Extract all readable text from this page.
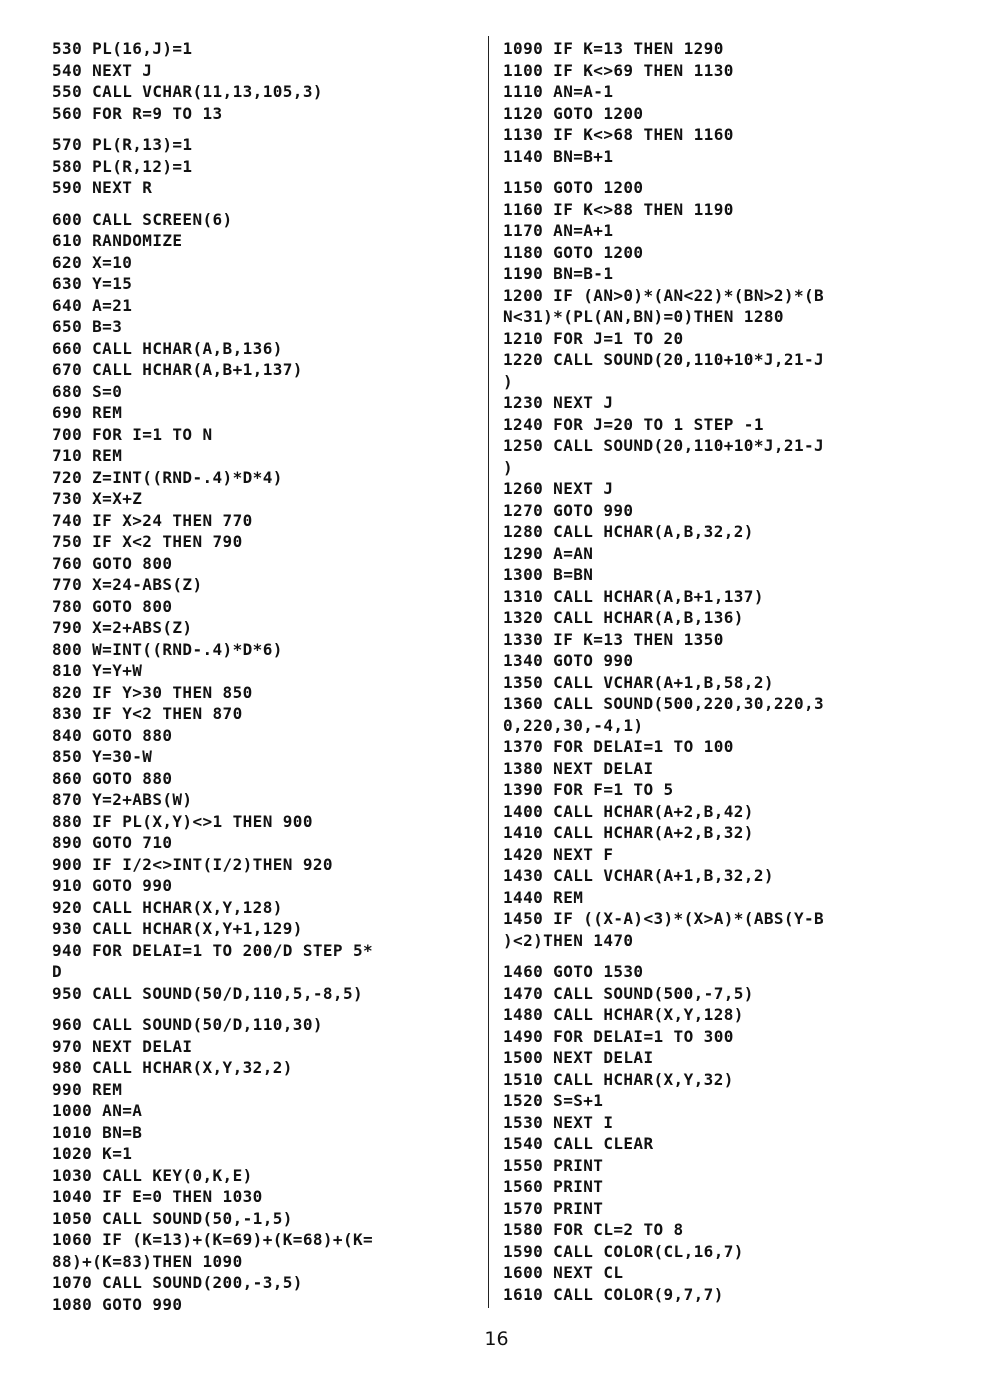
530 PL(16,J)=1
540 NEXT J
550 CALL VCHAR(11,13,105,3)
560 FOR R=9 TO 13
570 PL(R,13)=1
580 PL(R,12)=1
590 NEXT R
600 CALL SCREEN(6)
610 RANDOMIZE
620 X=10
630 Y=15
640 A=21
650 B=3
660 CALL HCHAR(A,B,136)
670 CALL HCHAR(A,B+1,137)
680 S=0
690 REM
700 FOR I=1 TO N
710 REM
720 Z=INT((RND-.4)*D*4)
730 X=X+Z
740 IF X>24 THEN 770
750 IF X<2 THEN 790
760 GOTO 800
770 X=24-ABS(Z)
780 GOTO 800
790 X=2+ABS(Z)
800 W=INT((RND-.4)*D*6)
810 Y=Y+W
820 IF Y>30 THEN 850
830 IF Y<2 THEN 870
840 GOTO 880
850 Y=30-W
860 GOTO 880
870 Y=2+ABS(W)
880 IF PL(X,Y)<>1 THEN 900
890 GOTO 710
900 IF I/2<>INT(I/2)THEN 920
910 GOTO 990
920 CALL HCHAR(X,Y,128)
930 CALL HCHAR(X,Y+1,129)
940 FOR DELAI=1 TO 200/D STEP 5*
D
950 CALL SOUND(50/D,110,5,-8,5)
960 CALL SOUND(50/D,110,30)
970 NEXT DELAI
980 CALL HCHAR(X,Y,32,2)
990 REM
1000 AN=A
1010 BN=B
1020 K=1
1030 CALL KEY(0,K,E)
1040 IF E=0 THEN 1030
1050 CALL SOUND(50,-1,5)
1060 IF (K=13)+(K=69)+(K=68)+(K=
88)+(K=83)THEN 1090
1070 CALL SOUND(200,-3,5)
1080 GOTO 990
1090 IF K=13 THEN 1290
1100 IF K<>69 THEN 1130
1110 AN=A-1
1120 GOTO 1200
1130 IF K<>68 THEN 1160
1140 BN=B+1
1150 GOTO 1200
1160 IF K<>88 THEN 1190
1170 AN=A+1
1180 GOTO 1200
1190 BN=B-1
1200 IF (AN>0)*(AN<22)*(BN>2)*(B
N<31)*(PL(AN,BN)=0)THEN 1280
1210 FOR J=1 TO 20
1220 CALL SOUND(20,110+10*J,21-J
)
1230 NEXT J
1240 FOR J=20 TO 1 STEP -1
1250 CALL SOUND(20,110+10*J,21-J
)
1260 NEXT J
1270 GOTO 990
1280 CALL HCHAR(A,B,32,2)
1290 A=AN
1300 B=BN
1310 CALL HCHAR(A,B+1,137)
1320 CALL HCHAR(A,B,136)
1330 IF K=13 THEN 1350
1340 GOTO 990
1350 CALL VCHAR(A+1,B,58,2)
1360 CALL SOUND(500,220,30,220,3
0,220,30,-4,1)
1370 FOR DELAI=1 TO 100
1380 NEXT DELAI
1390 FOR F=1 TO 5
1400 CALL HCHAR(A+2,B,42)
1410 CALL HCHAR(A+2,B,32)
1420 NEXT F
1430 CALL VCHAR(A+1,B,32,2)
1440 REM
1450 IF ((X-A)<3)*(X>A)*(ABS(Y-B
)<2)THEN 1470
1460 GOTO 1530
1470 CALL SOUND(500,-7,5)
1480 CALL HCHAR(X,Y,128)
1490 FOR DELAI=1 TO 300
1500 NEXT DELAI
1510 CALL HCHAR(X,Y,32)
1520 S=S+1
1530 NEXT I
1540 CALL CLEAR
1550 PRINT
1560 PRINT
1570 PRINT
1580 FOR CL=2 TO 8
1590 CALL COLOR(CL,16,7)
1600 NEXT CL
1610 CALL COLOR(9,7,7)
16
